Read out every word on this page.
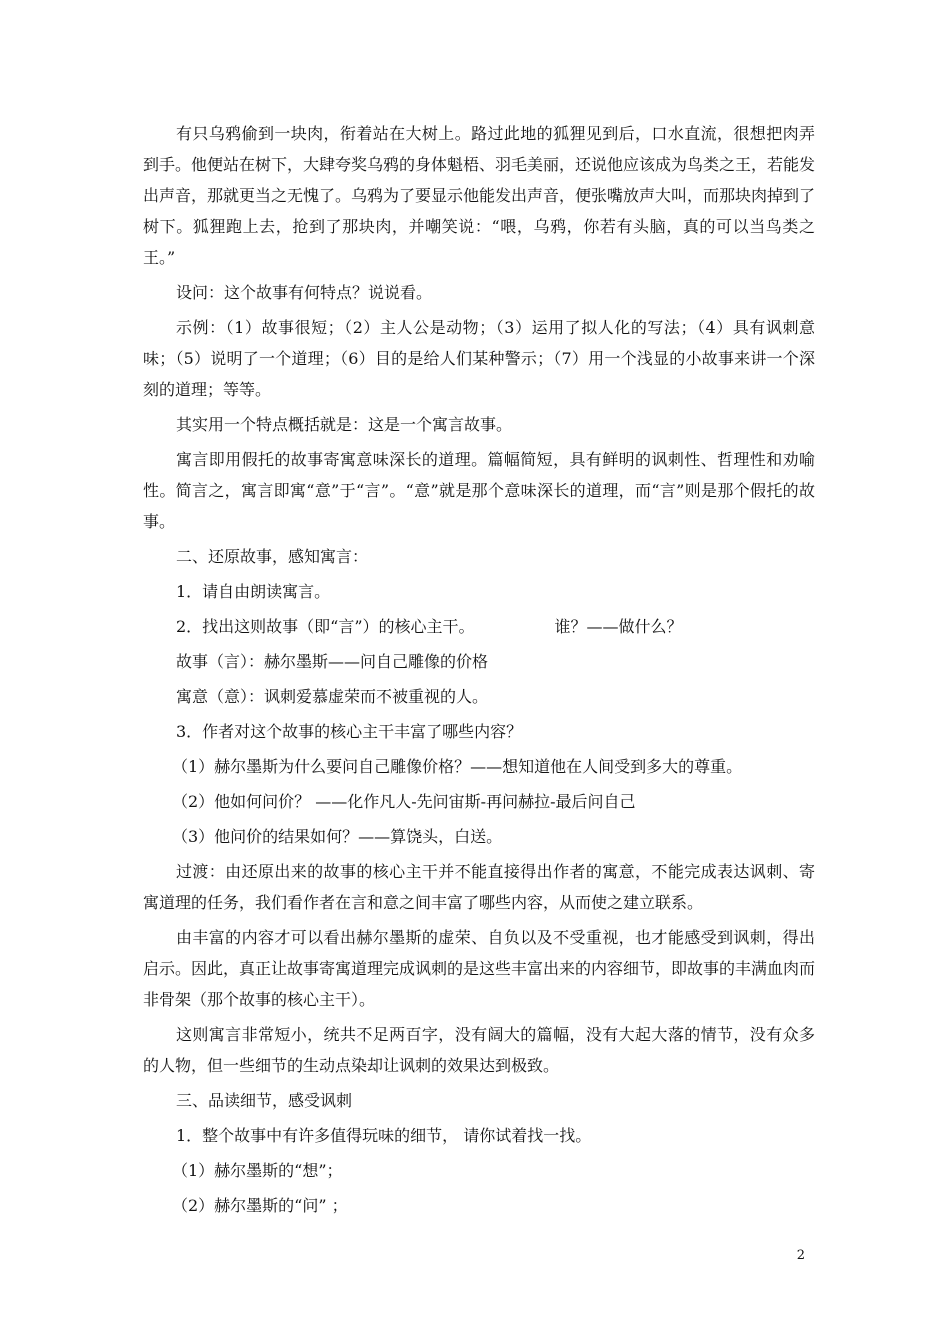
有只乌鸦偷到一块肉，衔着站在大树上。路过此地的狐狸见到后，口水直流，很想把肉弄到手。他便站在树下，大肆夸奖乌鸦的身体魁梧、羽毛美丽，还说他应该成为鸟类之王，若能发出声音，那就更当之无愧了。乌鸦为了要显示他能发出声音，便张嘴放声大叫，而那块肉掉到了树下。狐狸跑上去，抢到了那块肉，并嘲笑说：“喂，乌鸦，你若有头脑，真的可以当鸟类之王。”

设问：这个故事有何特点？说说看。

示例：（1）故事很短；（2）主人公是动物；（3）运用了拟人化的写法；（4）具有讽刺意味；（5）说明了一个道理；（6）目的是给人们某种警示；（7）用一个浅显的小故事来讲一个深刻的道理；等等。

其实用一个特点概括就是：这是一个寓言故事。

寓言即用假托的故事寄寓意味深长的道理。篇幅简短，具有鲜明的讽刺性、哲理性和劝喻性。简言之，寓言即寓“意”于“言”。“意”就是那个意味深长的道理，而“言”则是那个假托的故事。

二、还原故事，感知寓言：

1．请自由朗读寓言。

2．找出这则故事（即“言”）的核心主干。	谁？——做什么？

故事（言）：赫尔墨斯——问自己雕像的价格

寓意（意）：讽刺爱慕虚荣而不被重视的人。

3．作者对这个故事的核心主干丰富了哪些内容？

（1）赫尔墨斯为什么要问自己雕像价格？——想知道他在人间受到多大的尊重。

（2）他如何问价？ ——化作凡人-先问宙斯-再问赫拉-最后问自己

（3）他问价的结果如何？——算饶头，白送。

过渡：由还原出来的故事的核心主干并不能直接得出作者的寓意，不能完成表达讽刺、寄寓道理的任务，我们看作者在言和意之间丰富了哪些内容，从而使之建立联系。

由丰富的内容才可以看出赫尔墨斯的虚荣、自负以及不受重视，也才能感受到讽刺，得出启示。因此，真正让故事寄寓道理完成讽刺的是这些丰富出来的内容细节，即故事的丰满血肉而非骨架（那个故事的核心主干）。

这则寓言非常短小，统共不足两百字，没有阔大的篇幅，没有大起大落的情节，没有众多的人物，但一些细节的生动点染却让讽刺的效果达到极致。

三、品读细节，感受讽刺

1．整个故事中有许多值得玩味的细节， 请你试着找一找。

（1）赫尔墨斯的“想”；

（2）赫尔墨斯的“问” ；

2
